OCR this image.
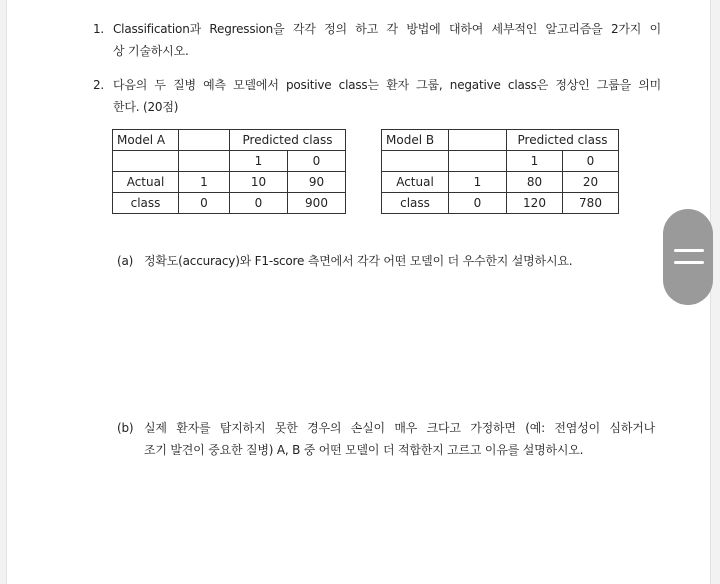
1. Classification과 Regression을 각각 정의 하고 각 방법에 대하여 세부적인 알고리즘을 2가지 이
상 기술하시오.
2. 다음의 두 질병 예측 모델에서 positive class는 환자 그룹, negative class은 정상인 그룹을 의미
한다. (20점)
Model A		Predicted class	
		1	0
Actual	1	10	90
class	0	0	900
Model B		Predicted class	
		1	0
Actual	1	80	20
class	0	120	780
(a) 정확도(accuracy)와 F1-score 측면에서 각각 어떤 모델이 더 우수한지 설명하시요.
(b) 실제 환자를 탐지하지 못한 경우의 손실이 매우 크다고 가정하면 (예: 전염성이 심하거나
조기 발견이 중요한 질병) A, B 중 어떤 모델이 더 적합한지 고르고 이유를 설명하시오.
